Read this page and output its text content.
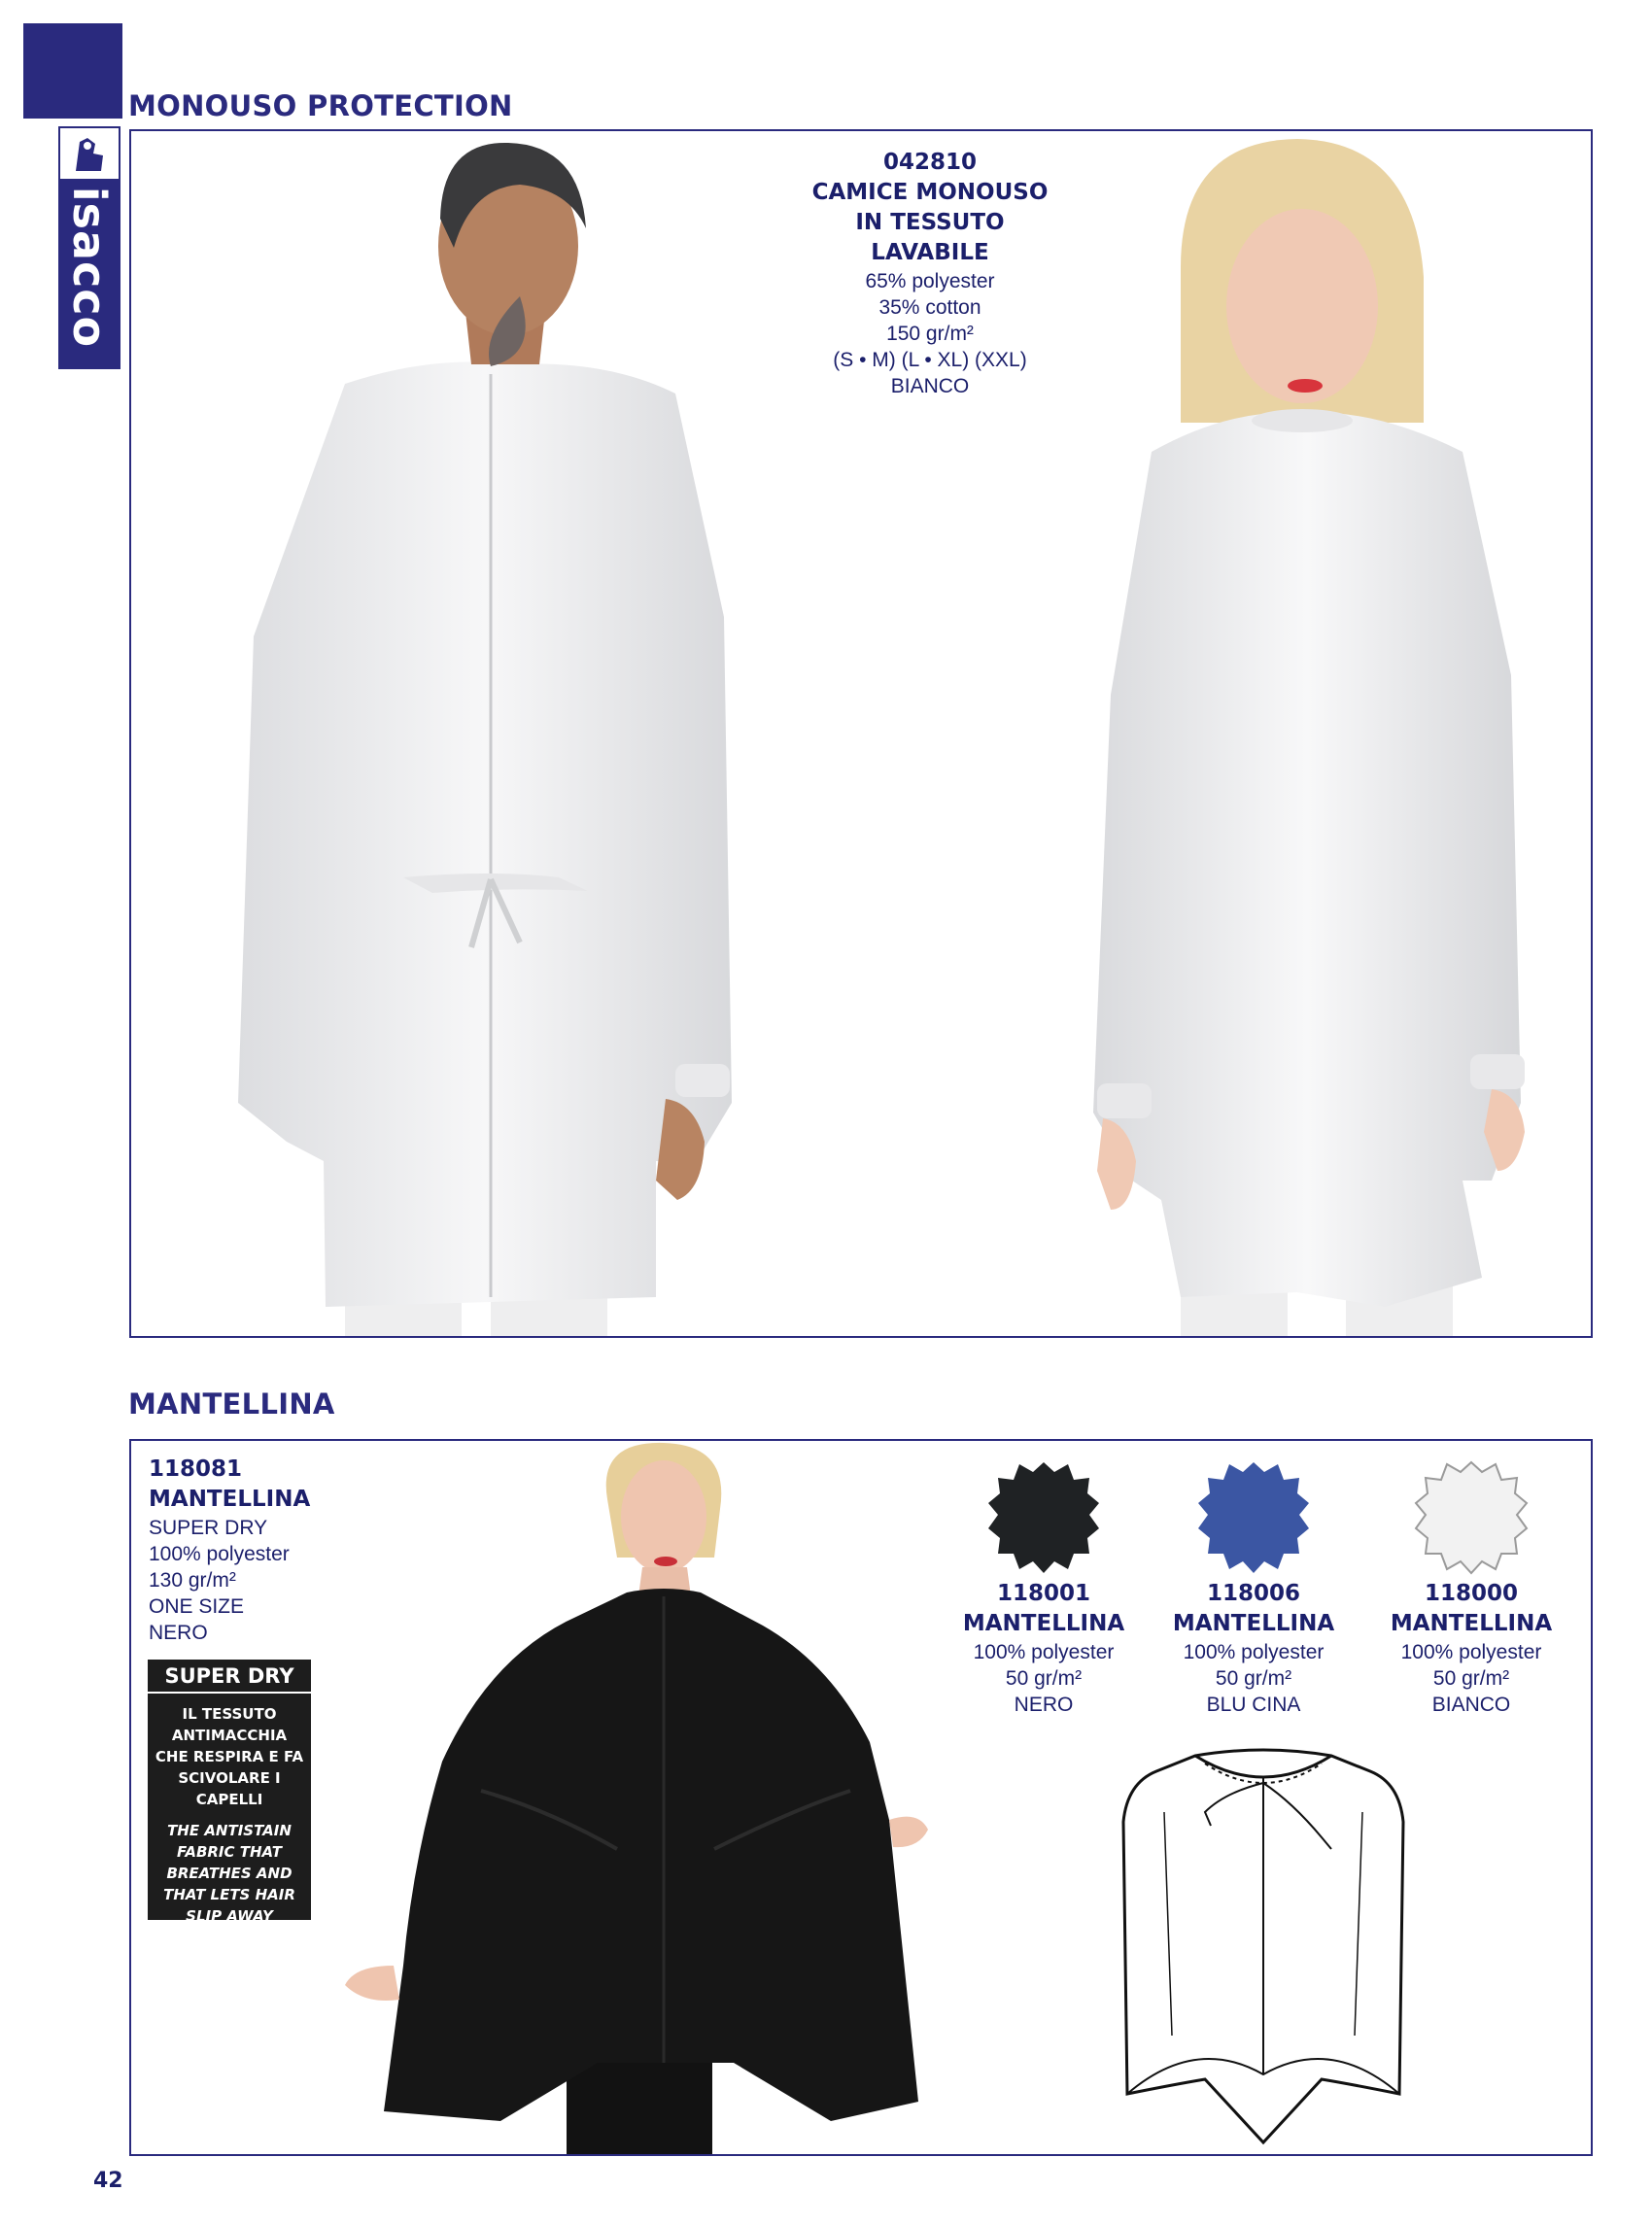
isacco
MONOUSO PROTECTION
042810
CAMICE MONOUSO
IN TESSUTO
LAVABILE
65% polyester
35% cotton
150 gr/m²
(S • M) (L • XL) (XXL)
BIANCO
MANTELLINA
118081
MANTELLINA
SUPER DRY
100% polyester
130 gr/m²
ONE SIZE
NERO
118001
MANTELLINA
100% polyester
50 gr/m²
NERO
118006
MANTELLINA
100% polyester
50 gr/m²
BLU CINA
118000
MANTELLINA
100% polyester
50 gr/m²
BIANCO
SUPER DRY
IL TESSUTO ANTIMACCHIA CHE RESPIRA E FA SCIVOLARE I CAPELLI
THE ANTISTAIN FABRIC THAT BREATHES AND THAT LETS HAIR SLIP AWAY
42
